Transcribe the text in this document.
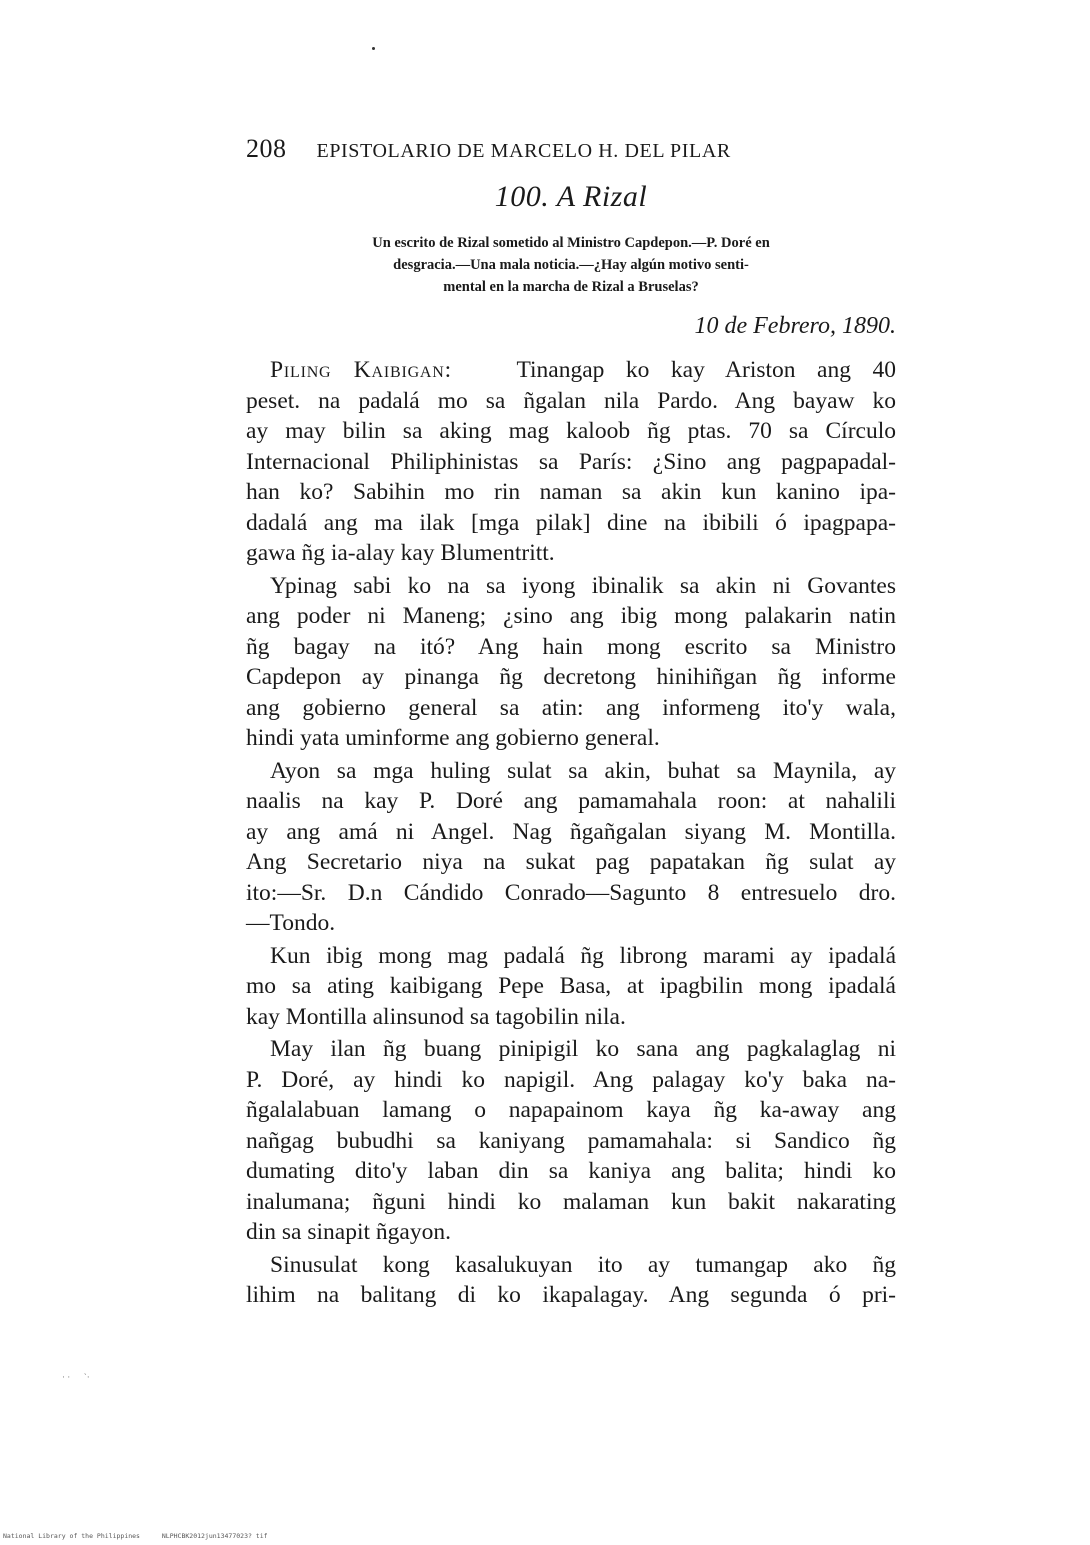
208 EPISTOLARIO DE MARCELO H. DEL PILAR
100. A Rizal
Un escrito de Rizal sometido al Ministro Capdepon.—P. Doré en
desgracia.—Una mala noticia.—¿Hay algún motivo senti-
mental en la marcha de Rizal a Bruselas?
10 de Febrero, 1890.
Piling Kaibigan:	Tinangap ko kay Ariston ang 40
peset. na padalá mo sa ñgalan nila Pardo. Ang bayaw ko
ay may bilin sa aking mag kaloob ñg ptas. 70 sa Círculo
Internacional Philiphinistas sa París: ¿Sino ang pagpapadal-
han ko? Sabihin mo rin naman sa akin kun kanino ipa-
dadalá ang ma ilak [mga pilak] dine na ibibili ó ipagpapa-
gawa ñg ia-alay kay Blumentritt.
Ypinag sabi ko na sa iyong ibinalik sa akin ni Govantes
ang poder ni Maneng; ¿sino ang ibig mong palakarin natin
ñg bagay na itó? Ang hain mong escrito sa Ministro
Capdepon ay pinanga ñg decretong hinihiñgan ñg informe
ang gobierno general sa atin: ang informeng ito'y wala,
hindi yata uminforme ang gobierno general.
Ayon sa mga huling sulat sa akin, buhat sa Maynila, ay
naalis na kay P. Doré ang pamamahala roon: at nahalili
ay ang amá ni Angel. Nag ñgañgalan siyang M. Montilla.
Ang Secretario niya na sukat pag papatakan ñg sulat ay
ito:—Sr. D.n Cándido Conrado—Sagunto 8 entresuelo dro.
—Tondo.
Kun ibig mong mag padalá ñg librong marami ay ipadalá
mo sa ating kaibigang Pepe Basa, at ipagbilin mong ipadalá
kay Montilla alinsunod sa tagobilin nila.
May ilan ñg buang pinipigil ko sana ang pagkalaglag ni
P. Doré, ay hindi ko napigil. Ang palagay ko'y baka na-
ñgalalabuan lamang o napapainom kaya ñg ka-away ang
nañgag bubudhi sa kaniyang pamamahala: si Sandico ñg
dumating dito'y laban din sa kaniya ang balita; hindi ko
inalumana; ñguni hindi ko malaman kun bakit nakarating
din sa sinapit ñgayon.
Sinusulat kong kasalukuyan ito ay tumangap ako ñg
lihim na balitang di ko ikapalagay. Ang segunda ó pri-
· ·      `·
National Library of the Philippines	NLPHCBK2012jun13477023? tif
